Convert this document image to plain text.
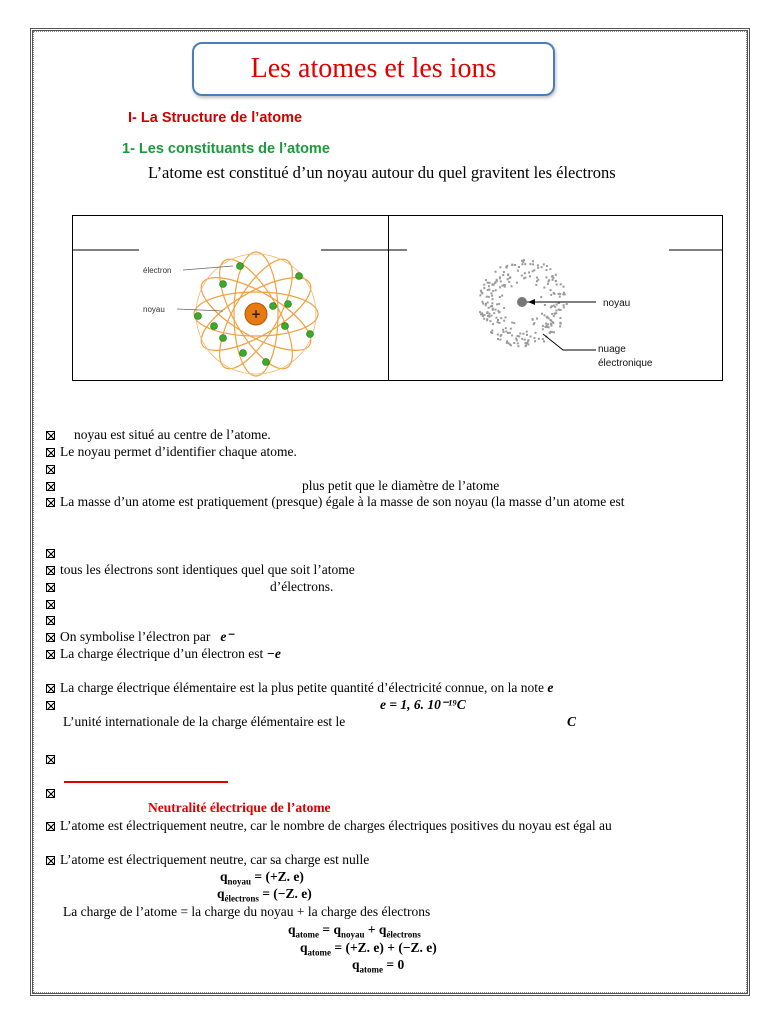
Les atomes et les ions
I- La Structure de l’atome
1- Les constituants de l’atome
L’atome est constitué d’un noyau autour du quel gravitent les électrons
+
électron
noyau
noyau
nuage
électronique
noyau est situé au centre de l’atome.
Le noyau permet d’identifier chaque atome.
plus petit que le diamètre de l’atome
La masse d’un atome est pratiquement (presque) égale à la masse de son noyau (la masse d’un atome est
tous les électrons sont identiques quel que soit l’atome
d’électrons.
On symbolise l’électron par e⁻
La charge électrique d’un électron est −e
La charge électrique élémentaire est la plus petite quantité d’électricité connue, on la note e
e = 1, 6. 10⁻¹⁹C
L’unité internationale de la charge élémentaire est le	C
Neutralité électrique de l’atome
L’atome est électriquement neutre, car le nombre de charges électriques positives du noyau est égal au
L’atome est électriquement neutre, car sa charge est nulle
$q_{noyau} = (+Z$. e)
$q_{électrons} = (-Z$. e)
La charge de l’atome = la charge du noyau + la charge des électrons
$q_{atome} = q_{noyau} + q_{électrons}$
$q_{atome} = (+Z$. e) + (−Z. e)
$q_{atome} = 0$
